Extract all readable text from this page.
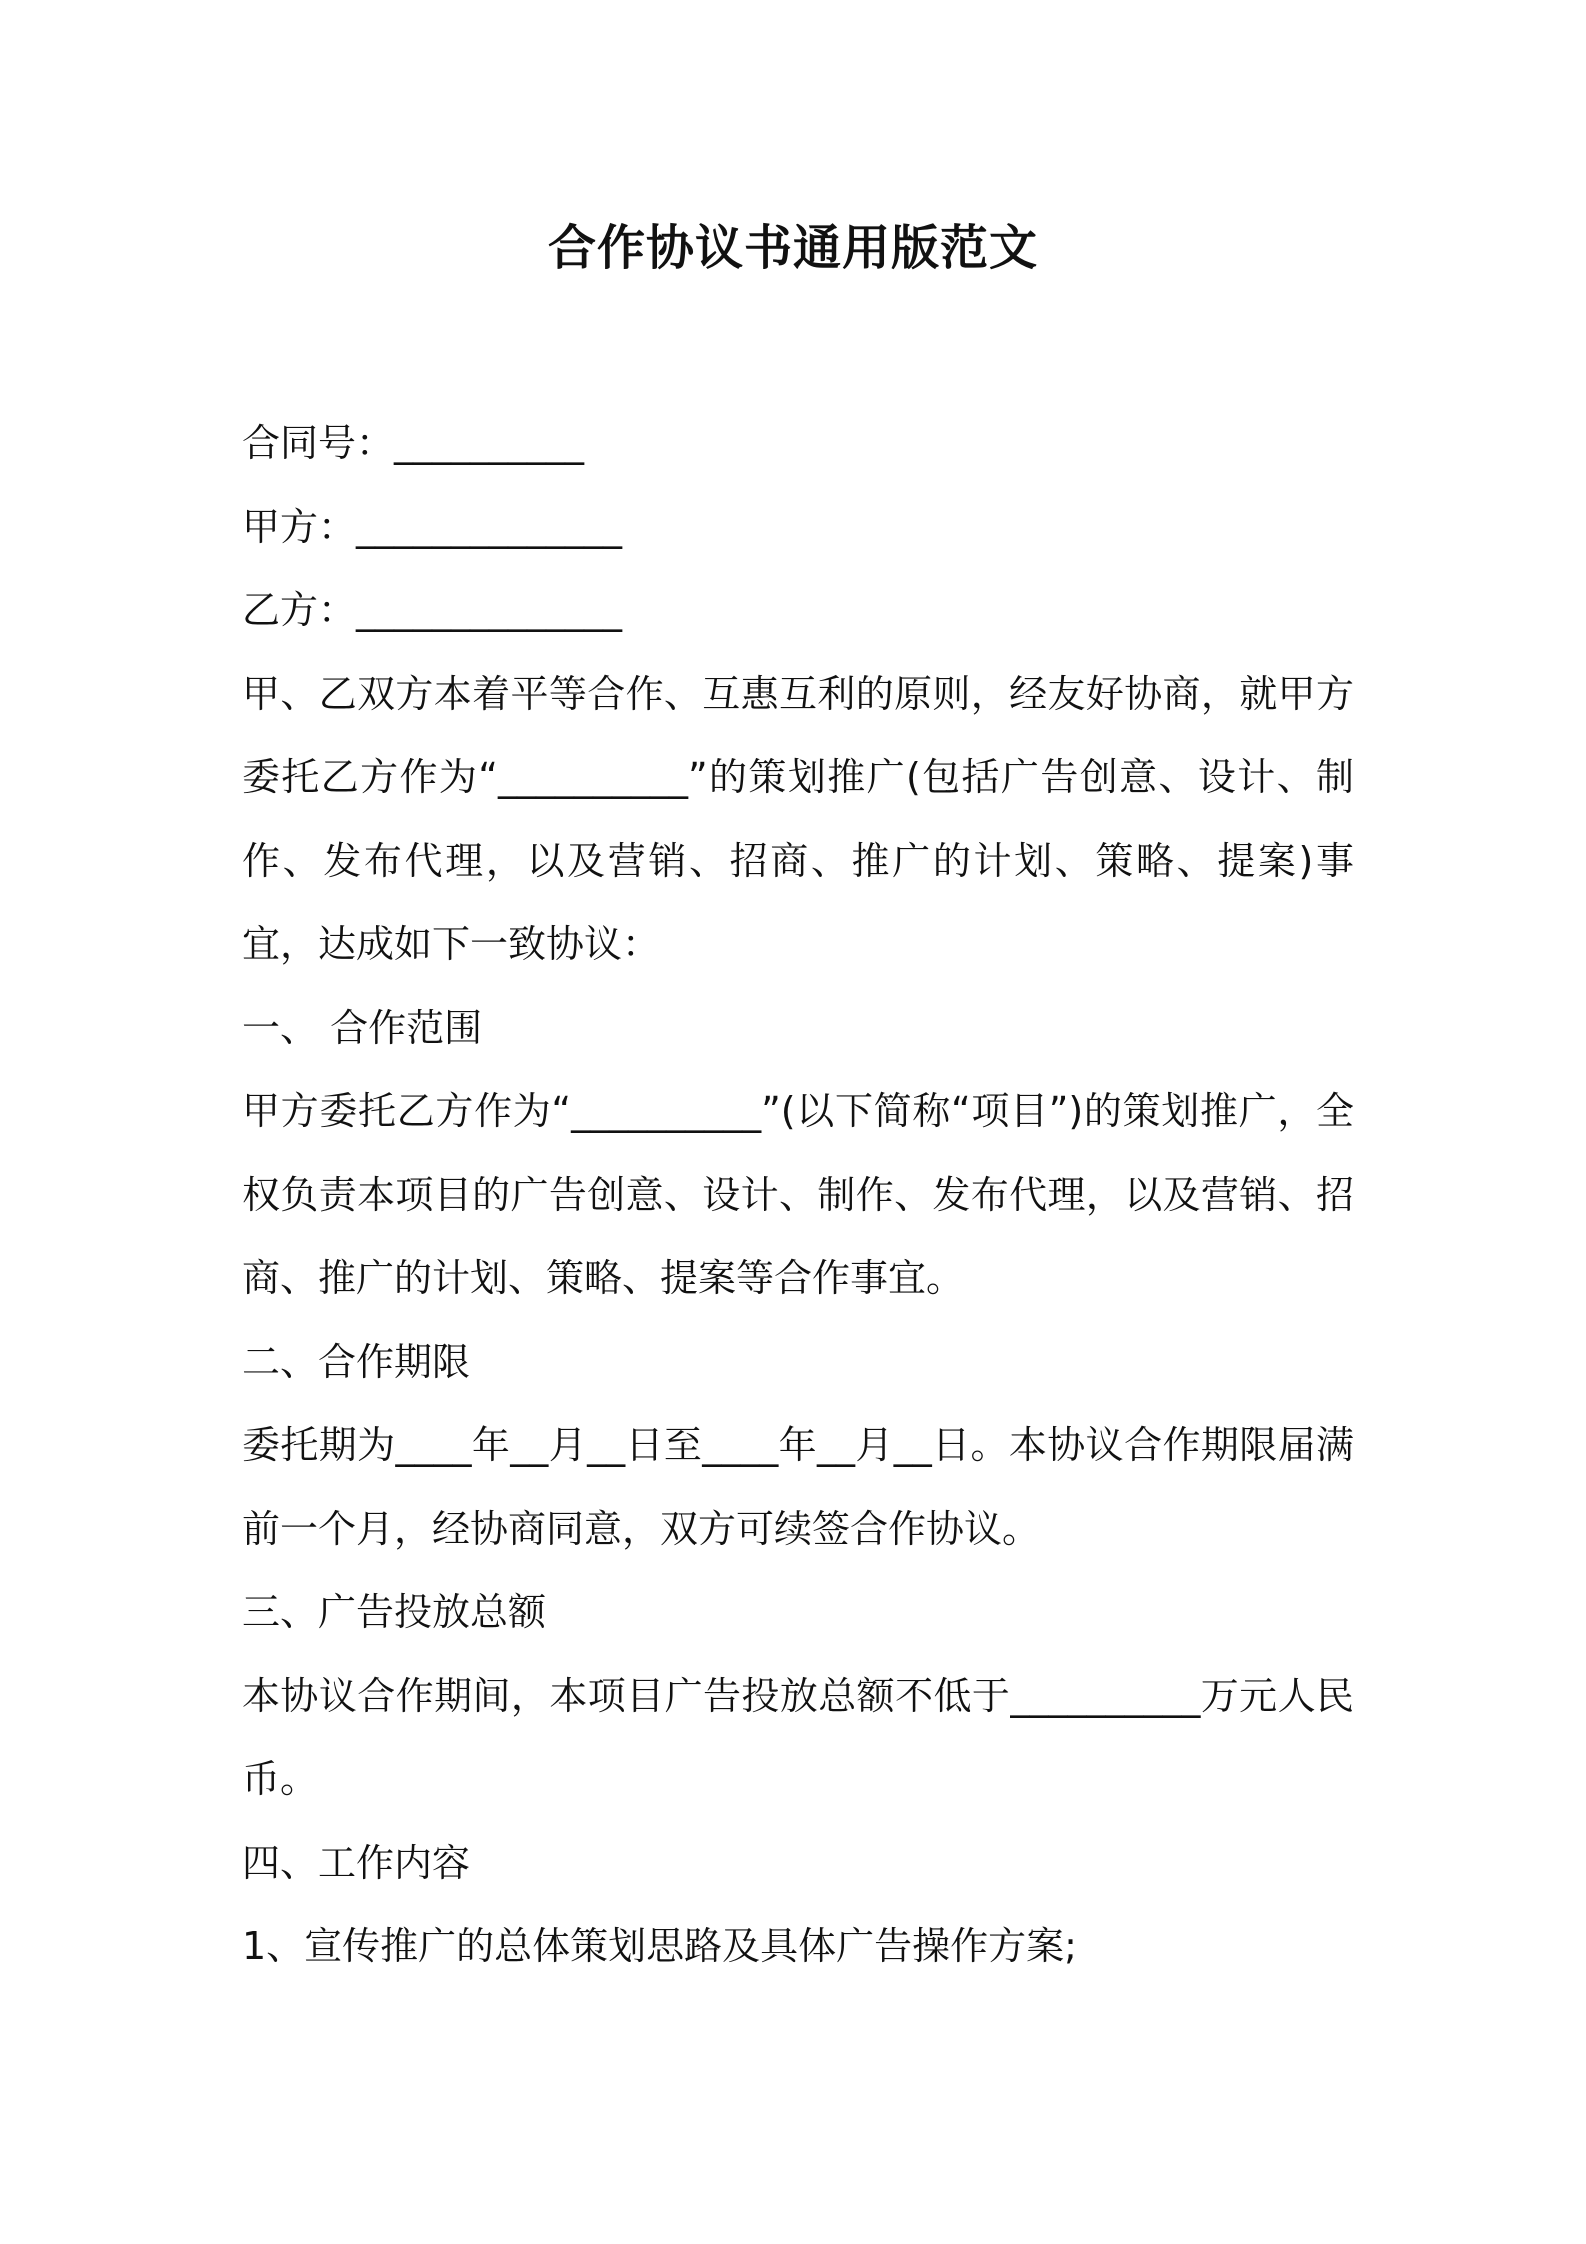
合作协议书通用版范文

合同号：__________

甲方：______________

乙方：______________

甲、乙双方本着平等合作、互惠互利的原则，经友好协商，就甲方委托乙方作为“__________”的策划推广(包括广告创意、设计、制作、发布代理，以及营销、招商、推广的计划、策略、提案)事宜，达成如下一致协议：

一、 合作范围

甲方委托乙方作为“__________”(以下简称“项目”)的策划推广，全权负责本项目的广告创意、设计、制作、发布代理，以及营销、招商、推广的计划、策略、提案等合作事宜。

二、合作期限

委托期为____年__月__日至____年__月__日。本协议合作期限届满前一个月，经协商同意，双方可续签合作协议。

三、广告投放总额

本协议合作期间，本项目广告投放总额不低于__________万元人民币。

四、工作内容

1、宣传推广的总体策划思路及具体广告操作方案;
